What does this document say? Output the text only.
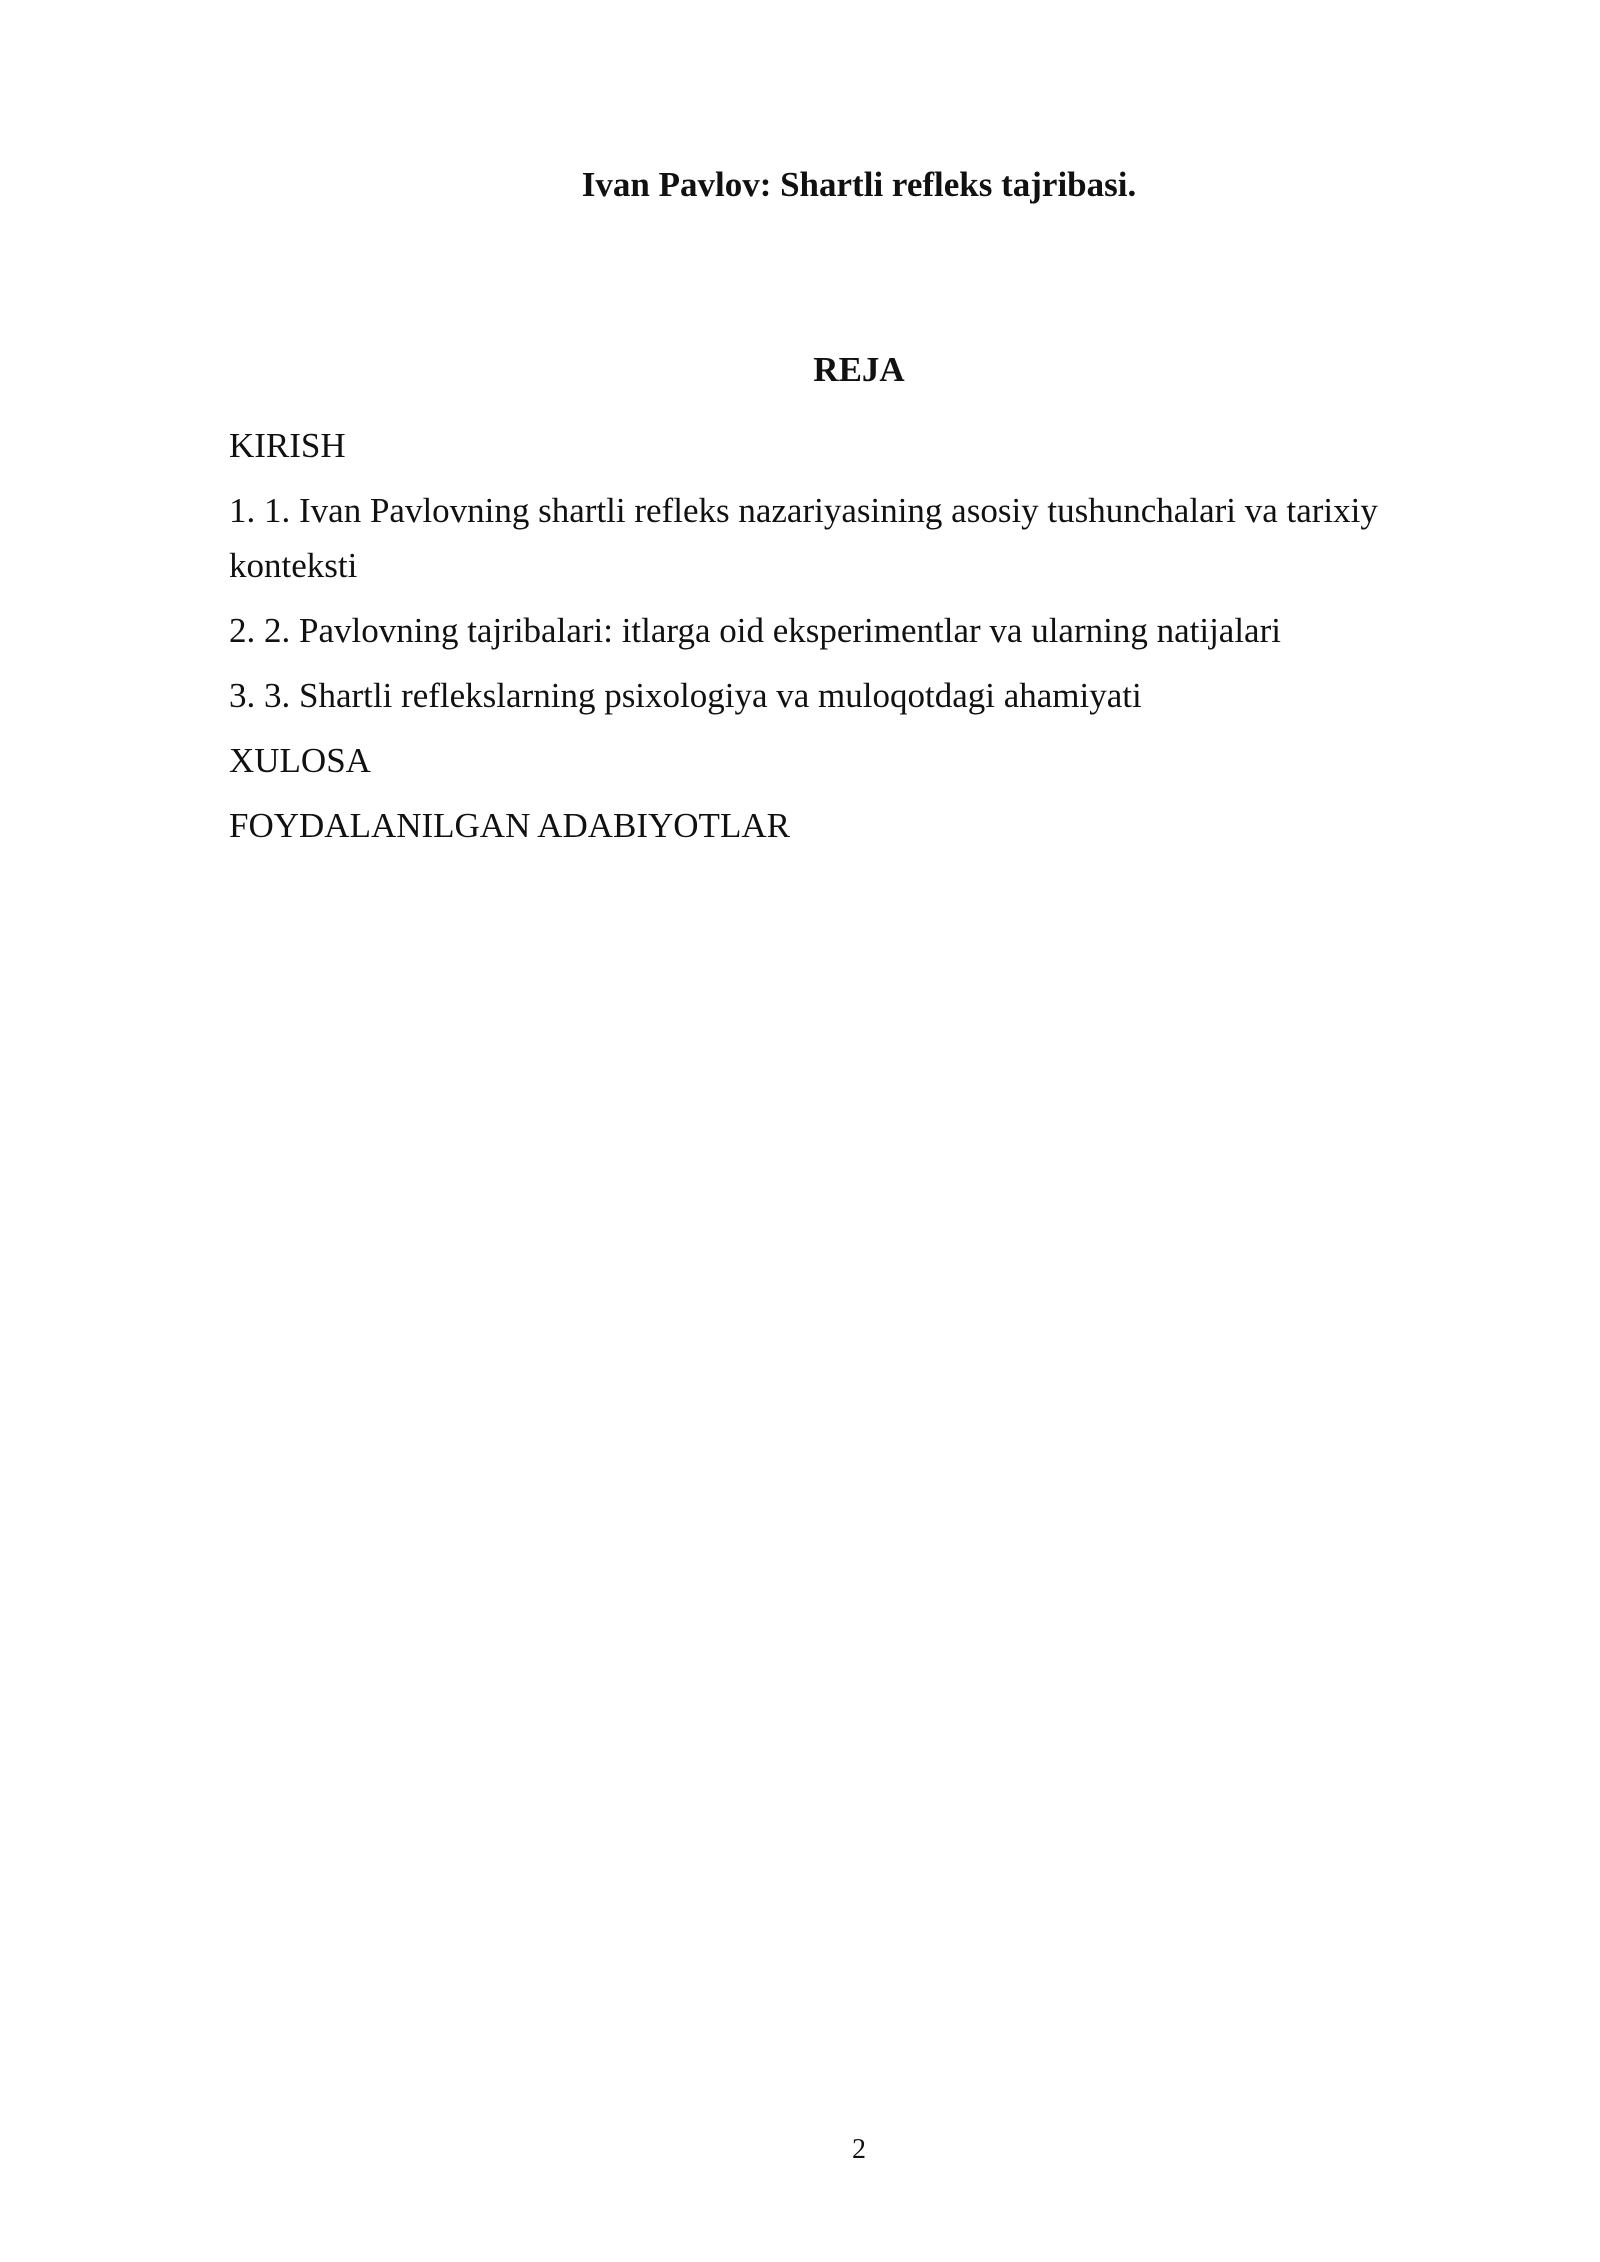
Ivan Pavlov: Shartli refleks tajribasi.
REJA
KIRISH
1. 1. Ivan Pavlovning shartli refleks nazariyasining asosiy tushunchalari va tarixiy konteksti
2. 2. Pavlovning tajribalari: itlarga oid eksperimentlar va ularning natijalari
3. 3. Shartli reflekslarning psixologiya va muloqotdagi ahamiyati
XULOSA
FOYDALANILGAN ADABIYOTLAR
2
